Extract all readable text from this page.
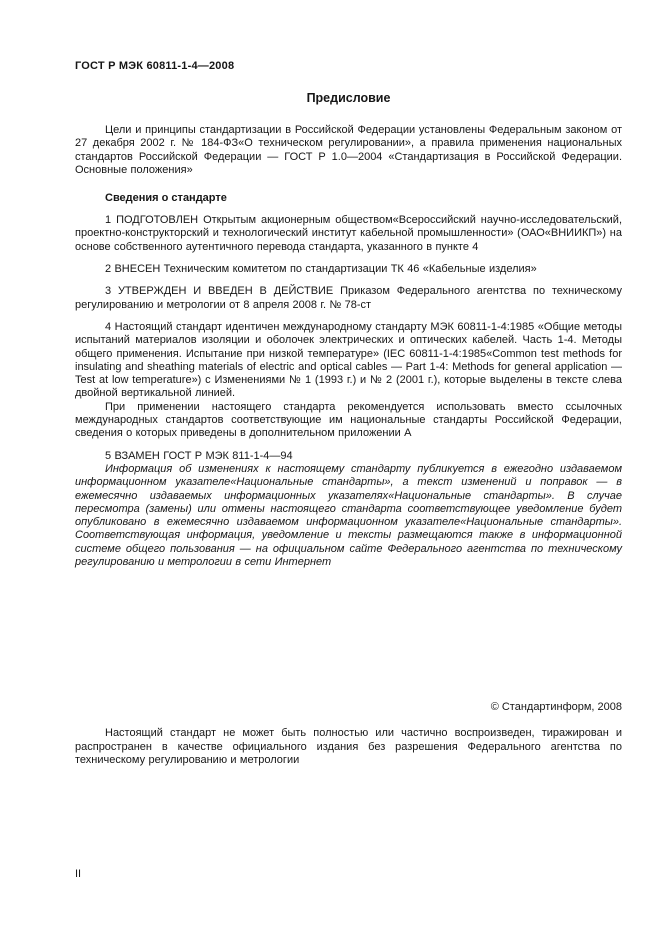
ГОСТ Р МЭК 60811-1-4—2008
Предисловие

Цели и принципы стандартизации в Российской Федерации установлены Федеральным законом от 27 декабря 2002 г. № 184-ФЗ«О техническом регулировании», а правила применения национальных стандартов Российской Федерации — ГОСТ Р 1.0—2004 «Стандартизация в Российской Федерации. Основные положения»

Сведения о стандарте

1 ПОДГОТОВЛЕН Открытым акционерным обществом«Всероссийский научно-исследовательский, проектно-конструкторский и технологический институт кабельной промышленности» (ОАО«ВНИИКП») на основе собственного аутентичного перевода стандарта, указанного в пункте 4

2 ВНЕСЕН Техническим комитетом по стандартизации ТК 46 «Кабельные изделия»

3 УТВЕРЖДЕН И ВВЕДЕН В ДЕЙСТВИЕ Приказом Федерального агентства по техническому регулированию и метрологии от 8 апреля 2008 г. № 78-ст

4 Настоящий стандарт идентичен международному стандарту МЭК 60811-1-4:1985 «Общие методы испытаний материалов изоляции и оболочек электрических и оптических кабелей. Часть 1-4. Методы общего применения. Испытание при низкой температуре» (IEC 60811-1-4:1985«Common test methods for insulating and sheathing materials of electric and optical cables — Part 1-4: Methods for general application — Test at low temperature») с Изменениями № 1 (1993 г.) и № 2 (2001 г.), которые выделены в тексте слева двойной вертикальной линией.

При применении настоящего стандарта рекомендуется использовать вместо ссылочных международных стандартов соответствующие им национальные стандарты Российской Федерации, сведения о которых приведены в дополнительном приложении А

5 ВЗАМЕН ГОСТ Р МЭК 811-1-4—94

Информация об изменениях к настоящему стандарту публикуется в ежегодно издаваемом информационном указателе«Национальные стандарты», а текст изменений и поправок — в ежемесячно издаваемых информационных указателях«Национальные стандарты». В случае пересмотра (замены) или отмены настоящего стандарта соответствующее уведомление будет опубликовано в ежемесячно издаваемом информационном указателе«Национальные стандарты». Соответствующая информация, уведомление и тексты размещаются также в информационной системе общего пользования — на официальном сайте Федерального агентства по техническому регулированию и метрологии в сети Интернет

© Стандартинформ, 2008

Настоящий стандарт не может быть полностью или частично воспроизведен, тиражирован и распространен в качестве официального издания без разрешения Федерального агентства по техническому регулированию и метрологии

II
